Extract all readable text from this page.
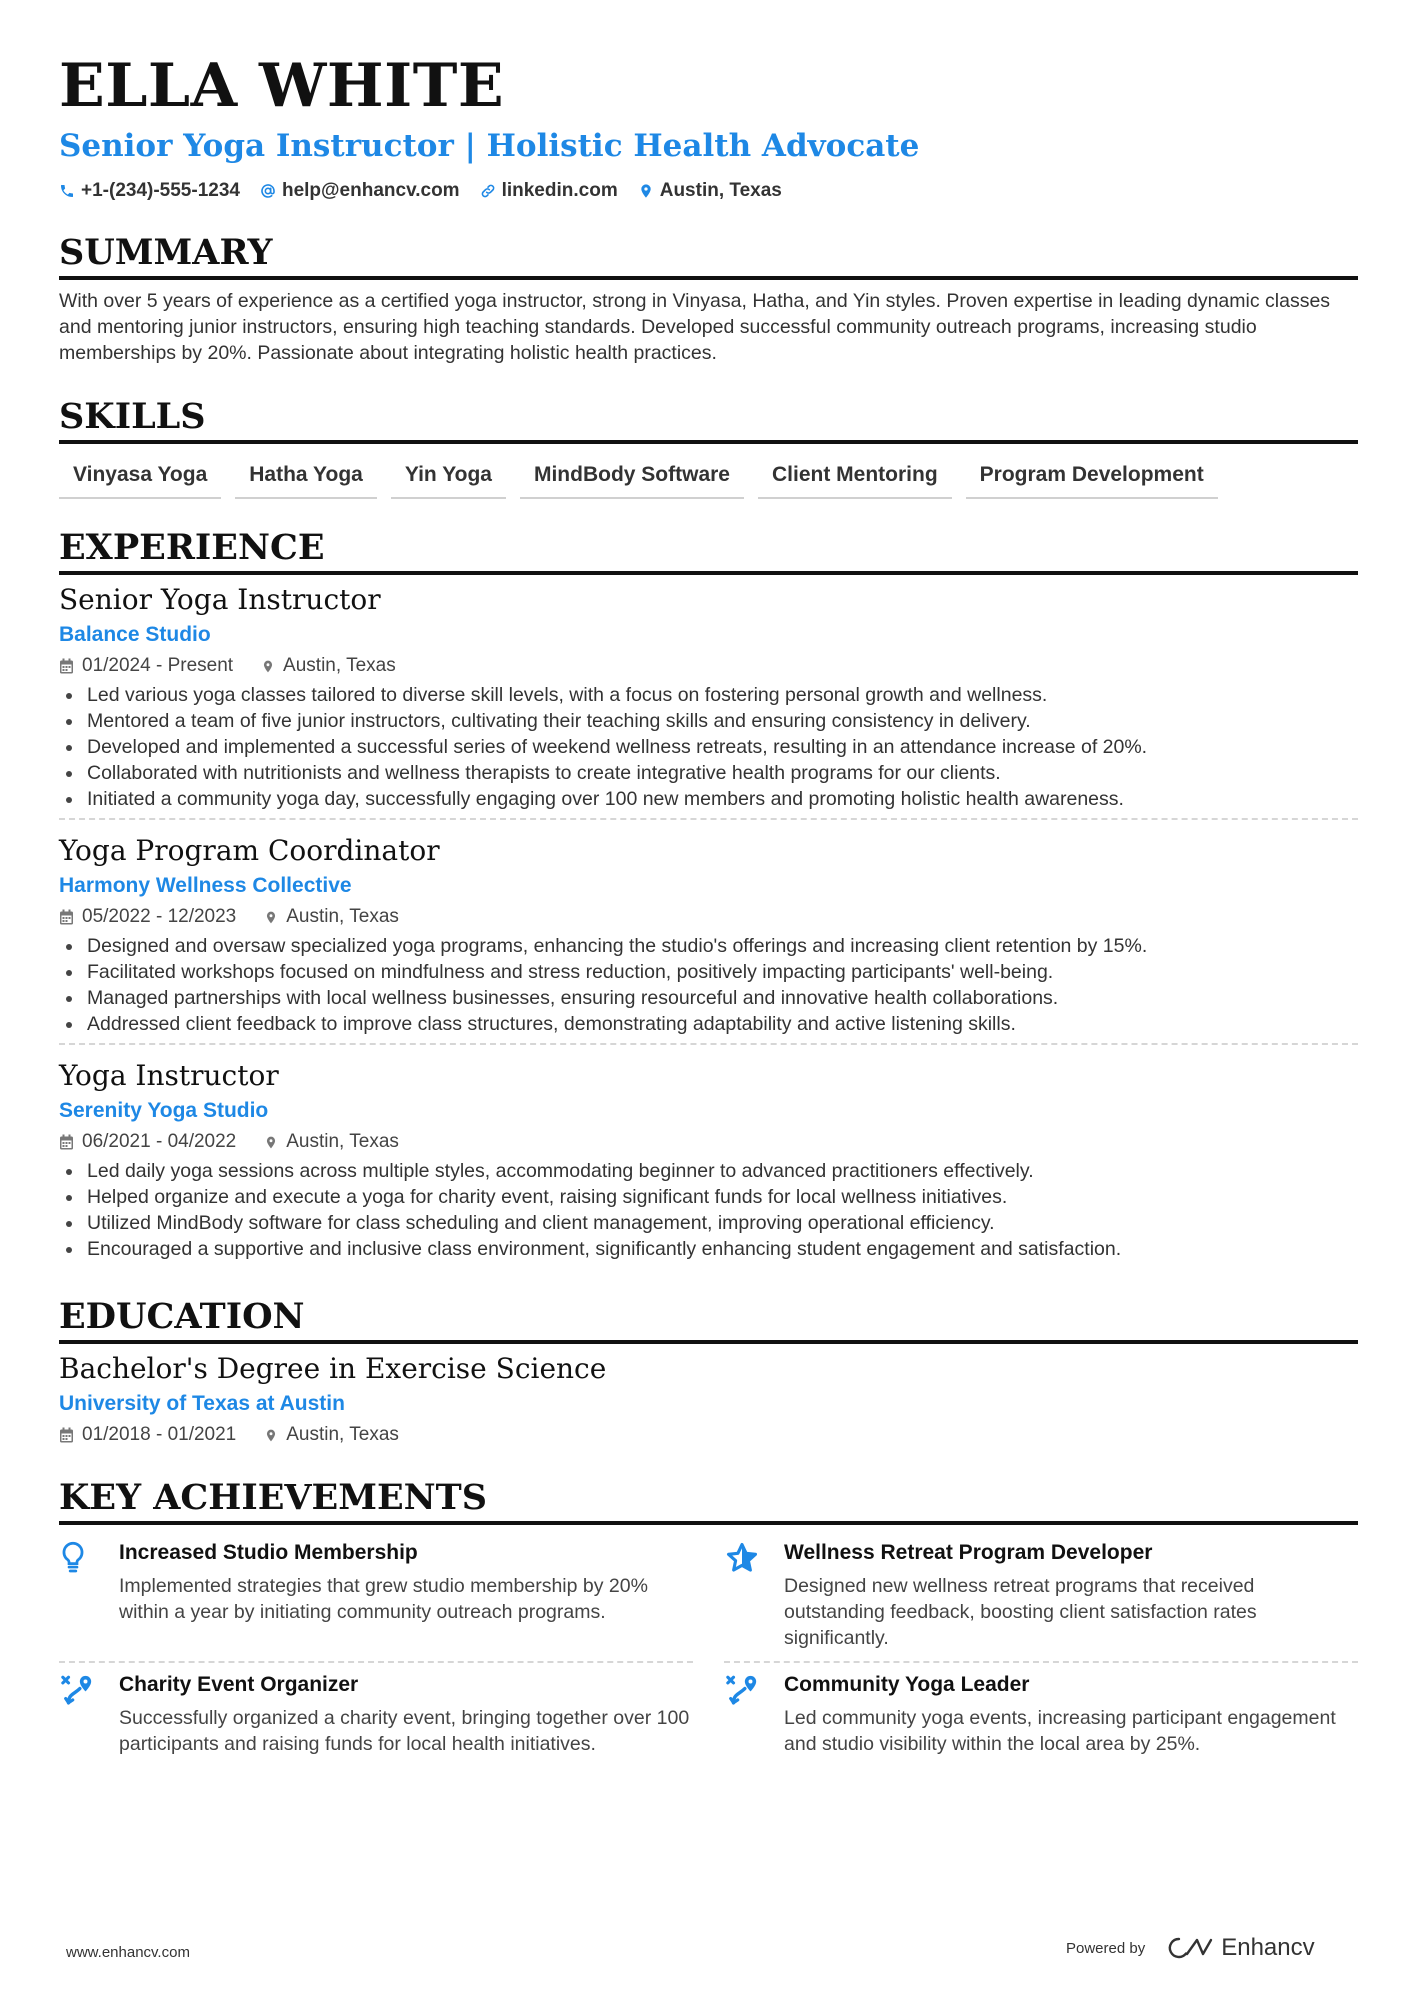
ELLA WHITE
Senior Yoga Instructor | Holistic Health Advocate
+1-(234)-555-1234 help@enhancv.com linkedin.com Austin, Texas
SUMMARY
With over 5 years of experience as a certified yoga instructor, strong in Vinyasa, Hatha, and Yin styles. Proven expertise in leading dynamic classes and mentoring junior instructors, ensuring high teaching standards. Developed successful community outreach programs, increasing studio memberships by 20%. Passionate about integrating holistic health practices.
SKILLS
Vinyasa Yoga	Hatha Yoga	Yin Yoga	MindBody Software	Client Mentoring	Program Development
EXPERIENCE
Senior Yoga Instructor
Balance Studio
01/2024 - Present	Austin, Texas
Led various yoga classes tailored to diverse skill levels, with a focus on fostering personal growth and wellness.
Mentored a team of five junior instructors, cultivating their teaching skills and ensuring consistency in delivery.
Developed and implemented a successful series of weekend wellness retreats, resulting in an attendance increase of 20%.
Collaborated with nutritionists and wellness therapists to create integrative health programs for our clients.
Initiated a community yoga day, successfully engaging over 100 new members and promoting holistic health awareness.
Yoga Program Coordinator
Harmony Wellness Collective
05/2022 - 12/2023	Austin, Texas
Designed and oversaw specialized yoga programs, enhancing the studio's offerings and increasing client retention by 15%.
Facilitated workshops focused on mindfulness and stress reduction, positively impacting participants' well-being.
Managed partnerships with local wellness businesses, ensuring resourceful and innovative health collaborations.
Addressed client feedback to improve class structures, demonstrating adaptability and active listening skills.
Yoga Instructor
Serenity Yoga Studio
06/2021 - 04/2022	Austin, Texas
Led daily yoga sessions across multiple styles, accommodating beginner to advanced practitioners effectively.
Helped organize and execute a yoga for charity event, raising significant funds for local wellness initiatives.
Utilized MindBody software for class scheduling and client management, improving operational efficiency.
Encouraged a supportive and inclusive class environment, significantly enhancing student engagement and satisfaction.
EDUCATION
Bachelor's Degree in Exercise Science
University of Texas at Austin
01/2018 - 01/2021	Austin, Texas
KEY ACHIEVEMENTS
Increased Studio Membership
Implemented strategies that grew studio membership by 20% within a year by initiating community outreach programs.
Wellness Retreat Program Developer
Designed new wellness retreat programs that received outstanding feedback, boosting client satisfaction rates significantly.
Charity Event Organizer
Successfully organized a charity event, bringing together over 100 participants and raising funds for local health initiatives.
Community Yoga Leader
Led community yoga events, increasing participant engagement and studio visibility within the local area by 25%.
www.enhancv.com	Powered by	Enhancv
